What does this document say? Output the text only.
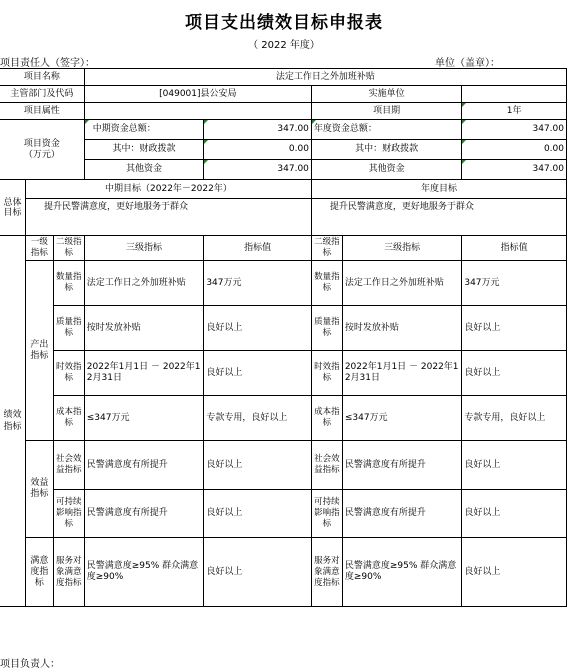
项目支出绩效目标申报表
（ 2022 年度）
项目责任人（签字）：	单位（盖章）：
项目名称			法定工作日之外加班补贴				
主管部门及代码			[049001]县公安局		实施单位		
项目属性					项目期		1年
项目资金
（万元）			中期资金总额：	347.00	年度资金总额：		347.00
			其中：财政拨款	0.00	其中：财政拨款		0.00
			其他资金	347.00	其他资金		347.00
总体目标	中期目标（2022年－2022年）				年度目标		
	提升民警满意度，更好地服务于群众				提升民警满意度，更好地服务于群众		
绩效指标	一级指标	二级指标	三级指标	指标值	二级指标	三级指标	指标值
	产出指标	数量指标	法定工作日之外加班补贴	347万元	数量指标	法定工作日之外加班补贴	347万元
		质量指标	按时发放补贴	良好以上	质量指标	按时发放补贴	良好以上
		时效指标	2022年1月1日 － 2022年12月31日	良好以上	时效指标	2022年1月1日 － 2022年12月31日	良好以上
		成本指标	≤347万元	专款专用，良好以上	成本指标	≤347万元	专款专用，良好以上
	效益指标	社会效益指标	民警满意度有所提升	良好以上	社会效益指标	民警满意度有所提升	良好以上
		可持续影响指标	民警满意度有所提升	良好以上	可持续影响指标	民警满意度有所提升	良好以上
	满意度指标	服务对象满意度指标	民警满意度≥95% 群众满意度≥90%	良好以上	服务对象满意度指标	民警满意度≥95% 群众满意度≥90%	良好以上
项目负责人：
